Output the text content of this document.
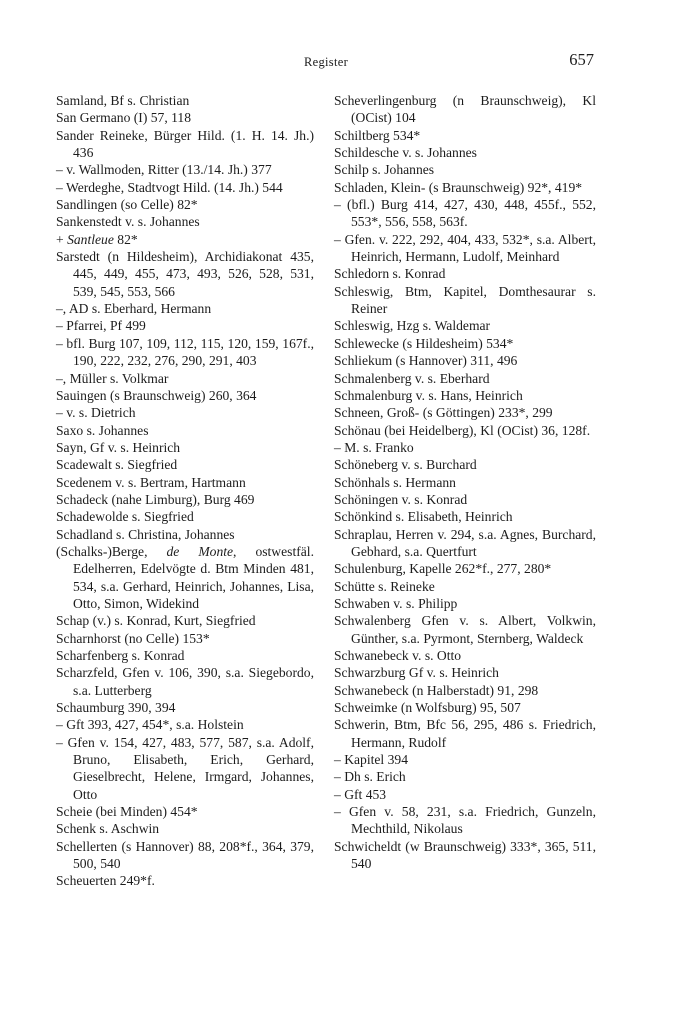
Register	657

Samland, Bf s. Christian

San Germano (I) 57, 118

Sander Reineke, Bürger Hild. (1. H. 14. Jh.) 436

– v. Wallmoden, Ritter (13./14. Jh.) 377

– Werdeghe, Stadtvogt Hild. (14. Jh.) 544

Sandlingen (so Celle) 82*

Sankenstedt v. s. Johannes

+ Santleue 82*

Sarstedt (n Hildesheim), Archidiakonat 435, 445, 449, 455, 473, 493, 526, 528, 531, 539, 545, 553, 566

–, AD s. Eberhard, Hermann

– Pfarrei, Pf 499

– bfl. Burg 107, 109, 112, 115, 120, 159, 167f., 190, 222, 232, 276, 290, 291, 403

–, Müller s. Volkmar

Sauingen (s Braunschweig) 260, 364

– v. s. Dietrich

Saxo s. Johannes

Sayn, Gf v. s. Heinrich

Scadewalt s. Siegfried

Scedenem v. s. Bertram, Hartmann

Schadeck (nahe Limburg), Burg 469

Schadewolde s. Siegfried

Schadland s. Christina, Johannes

(Schalks-)Berge, de Monte, ostwestfäl. Edelherren, Edelvögte d. Btm Minden 481, 534, s.a. Gerhard, Heinrich, Johannes, Lisa, Otto, Simon, Widekind

Schap (v.) s. Konrad, Kurt, Siegfried

Scharnhorst (no Celle) 153*

Scharfenberg s. Konrad

Scharzfeld, Gfen v. 106, 390, s.a. Siegebordo, s.a. Lutterberg

Schaumburg 390, 394

– Gft 393, 427, 454*, s.a. Holstein

– Gfen v. 154, 427, 483, 577, 587, s.a. Adolf, Bruno, Elisabeth, Erich, Gerhard, Gieselbrecht, Helene, Irmgard, Johannes, Otto

Scheie (bei Minden) 454*

Schenk s. Aschwin

Schellerten (s Hannover) 88, 208*f., 364, 379, 500, 540

Scheuerten 249*f.

Scheverlingenburg (n Braunschweig), Kl (OCist) 104

Schiltberg 534*

Schildesche v. s. Johannes

Schilp s. Johannes

Schladen, Klein- (s Braunschweig) 92*, 419*

– (bfl.) Burg 414, 427, 430, 448, 455f., 552, 553*, 556, 558, 563f.

– Gfen. v. 222, 292, 404, 433, 532*, s.a. Albert, Heinrich, Hermann, Ludolf, Meinhard

Schledorn s. Konrad

Schleswig, Btm, Kapitel, Domthesaurar s. Reiner

Schleswig, Hzg s. Waldemar

Schlewecke (s Hildesheim) 534*

Schliekum (s Hannover) 311, 496

Schmalenberg v. s. Eberhard

Schmalenburg v. s. Hans, Heinrich

Schneen, Groß- (s Göttingen) 233*, 299

Schönau (bei Heidelberg), Kl (OCist) 36, 128f.

– M. s. Franko

Schöneberg v. s. Burchard

Schönhals s. Hermann

Schöningen v. s. Konrad

Schönkind s. Elisabeth, Heinrich

Schraplau, Herren v. 294, s.a. Agnes, Burchard, Gebhard, s.a. Quertfurt

Schulenburg, Kapelle 262*f., 277, 280*

Schütte s. Reineke

Schwaben v. s. Philipp

Schwalenberg Gfen v. s. Albert, Volkwin, Günther, s.a. Pyrmont, Sternberg, Waldeck

Schwanebeck v. s. Otto

Schwarzburg Gf v. s. Heinrich

Schwanebeck (n Halberstadt) 91, 298

Schweimke (n Wolfsburg) 95, 507

Schwerin, Btm, Bfc 56, 295, 486 s. Friedrich, Hermann, Rudolf

– Kapitel 394

– Dh s. Erich

– Gft 453

– Gfen v. 58, 231, s.a. Friedrich, Gunzeln, Mechthild, Nikolaus

Schwicheldt (w Braunschweig) 333*, 365, 511, 540
